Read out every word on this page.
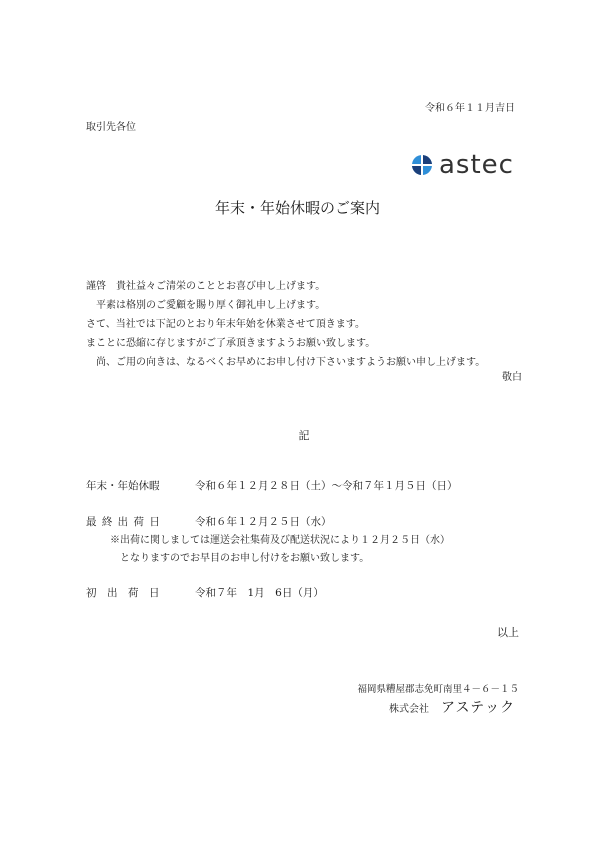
令和６年１１月吉日
取引先各位
astec
年末・年始休暇のご案内
謹啓　貴社益々ご清栄のこととお喜び申し上げます。
　平素は格別のご愛顧を賜り厚く御礼申し上げます。
さて、当社では下記のとおり年末年始を休業させて頂きます。
まことに恐縮に存じますがご了承頂きますようお願い致します。
　尚、ご用の向きは、なるべくお早めにお申し付け下さいますようお願い申し上げます。
敬白
記
年末・年始休暇	令和６年１２月２８日（土）～令和７年１月５日（日）
最 終 出 荷 日	令和６年１２月２５日（水）
※出荷に関しましては運送会社集荷及び配送状況により１２月２５日（水）
　となりますのでお早目のお申し付けをお願い致します。
初　出　荷　日	令和７年　1月　6日（月）
以上
福岡県糟屋郡志免町南里４－６－１５
株式会社 アステック
